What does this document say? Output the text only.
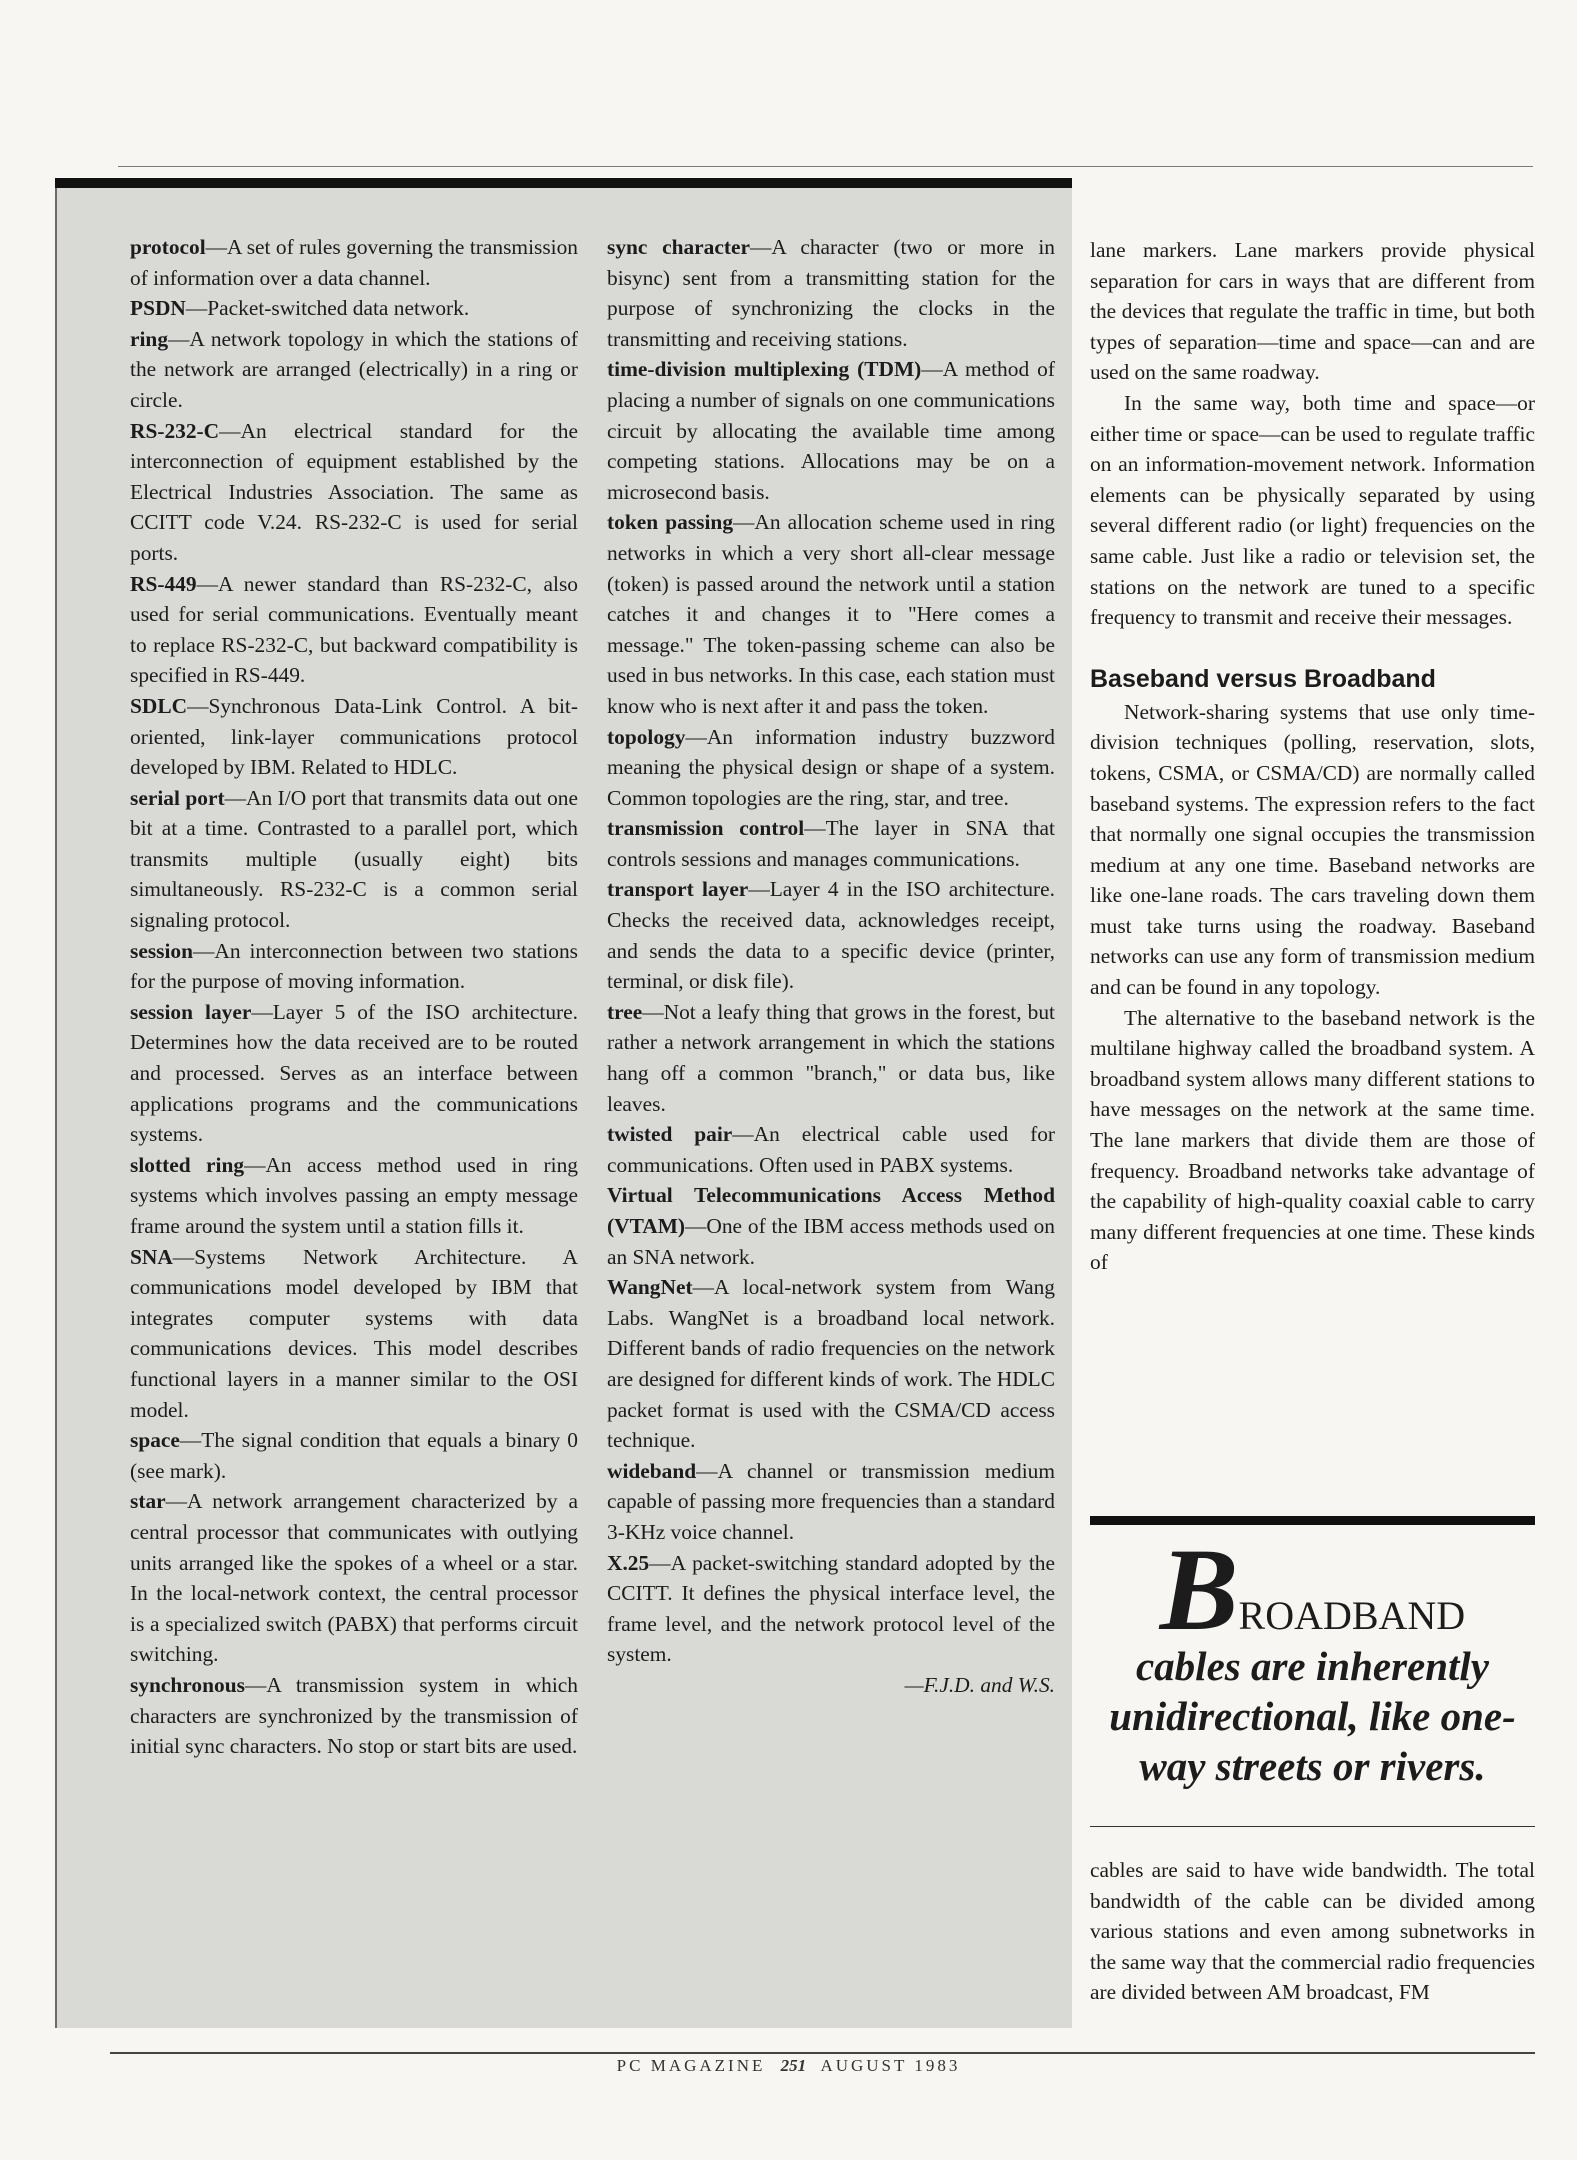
protocol—A set of rules governing the transmission of information over a data channel.

PSDN—Packet-switched data network.

ring—A network topology in which the stations of the network are arranged (electrically) in a ring or circle.

RS-232-C—An electrical standard for the interconnection of equipment established by the Electrical Industries Association. The same as CCITT code V.24. RS-232-C is used for serial ports.

RS-449—A newer standard than RS-232-C, also used for serial communications. Eventually meant to replace RS-232-C, but backward compatibility is specified in RS-449.

SDLC—Synchronous Data-Link Control. A bit-oriented, link-layer communications protocol developed by IBM. Related to HDLC.

serial port—An I/O port that transmits data out one bit at a time. Contrasted to a parallel port, which transmits multiple (usually eight) bits simultaneously. RS-232-C is a common serial signaling protocol.

session—An interconnection between two stations for the purpose of moving information.

session layer—Layer 5 of the ISO architecture. Determines how the data received are to be routed and processed. Serves as an interface between applications programs and the communications systems.

slotted ring—An access method used in ring systems which involves passing an empty message frame around the system until a station fills it.

SNA—Systems Network Architecture. A communications model developed by IBM that integrates computer systems with data communications devices. This model describes functional layers in a manner similar to the OSI model.

space—The signal condition that equals a binary 0 (see mark).

star—A network arrangement characterized by a central processor that communicates with outlying units arranged like the spokes of a wheel or a star. In the local-network context, the central processor is a specialized switch (PABX) that performs circuit switching.

synchronous—A transmission system in which characters are synchronized by the transmission of initial sync characters. No stop or start bits are used.

sync character—A character (two or more in bisync) sent from a transmitting station for the purpose of synchronizing the clocks in the transmitting and receiving stations.

time-division multiplexing (TDM)—A method of placing a number of signals on one communications circuit by allocating the available time among competing stations. Allocations may be on a microsecond basis.

token passing—An allocation scheme used in ring networks in which a very short all-clear message (token) is passed around the network until a station catches it and changes it to "Here comes a message." The token-passing scheme can also be used in bus networks. In this case, each station must know who is next after it and pass the token.

topology—An information industry buzzword meaning the physical design or shape of a system. Common topologies are the ring, star, and tree.

transmission control—The layer in SNA that controls sessions and manages communications.

transport layer—Layer 4 in the ISO architecture. Checks the received data, acknowledges receipt, and sends the data to a specific device (printer, terminal, or disk file).

tree—Not a leafy thing that grows in the forest, but rather a network arrangement in which the stations hang off a common "branch," or data bus, like leaves.

twisted pair—An electrical cable used for communications. Often used in PABX systems.

Virtual Telecommunications Access Method (VTAM)—One of the IBM access methods used on an SNA network.

WangNet—A local-network system from Wang Labs. WangNet is a broadband local network. Different bands of radio frequencies on the network are designed for different kinds of work. The HDLC packet format is used with the CSMA/CD access technique.

wideband—A channel or transmission medium capable of passing more frequencies than a standard 3-KHz voice channel.

X.25—A packet-switching standard adopted by the CCITT. It defines the physical interface level, the frame level, and the network protocol level of the system.

—F.J.D. and W.S.

lane markers. Lane markers provide physical separation for cars in ways that are different from the devices that regulate the traffic in time, but both types of separation—time and space—can and are used on the same roadway.

In the same way, both time and space—or either time or space—can be used to regulate traffic on an information-movement network. Information elements can be physically separated by using several different radio (or light) frequencies on the same cable. Just like a radio or television set, the stations on the network are tuned to a specific frequency to transmit and receive their messages.

Baseband versus Broadband

Network-sharing systems that use only time-division techniques (polling, reservation, slots, tokens, CSMA, or CSMA/CD) are normally called baseband systems. The expression refers to the fact that normally one signal occupies the transmission medium at any one time. Baseband networks are like one-lane roads. The cars traveling down them must take turns using the roadway. Baseband networks can use any form of transmission medium and can be found in any topology.

The alternative to the baseband network is the multilane highway called the broadband system. A broadband system allows many different stations to have messages on the network at the same time. The lane markers that divide them are those of frequency. Broadband networks take advantage of the capability of high-quality coaxial cable to carry many different frequencies at one time. These kinds of

BROADBAND
cables are inherently
unidirectional, like one-
way streets or rivers.

cables are said to have wide bandwidth. The total bandwidth of the cable can be divided among various stations and even among subnetworks in the same way that the commercial radio frequencies are divided between AM broadcast, FM

PC MAGAZINE 251 AUGUST 1983
